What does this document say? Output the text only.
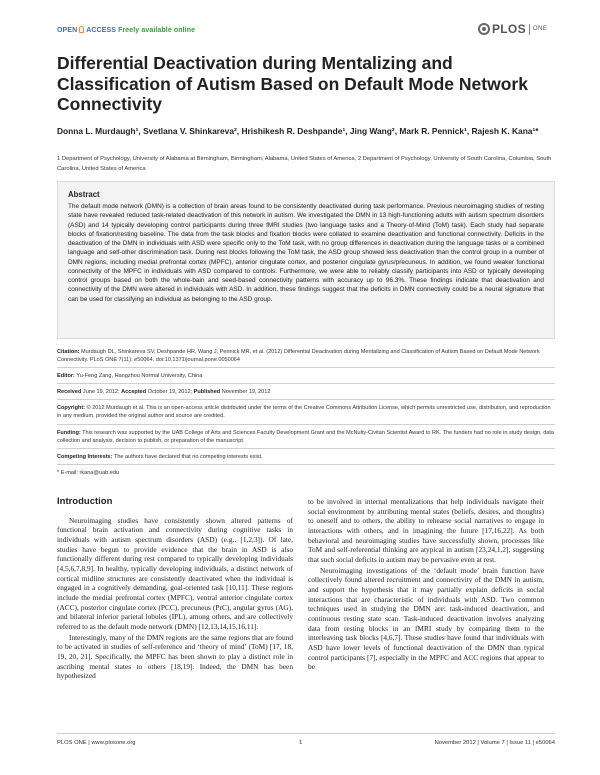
OPEN ACCESS Freely available online	PLOS ONE
Differential Deactivation during Mentalizing and Classification of Autism Based on Default Mode Network Connectivity
Donna L. Murdaugh¹, Svetlana V. Shinkareva², Hrishikesh R. Deshpande¹, Jing Wang², Mark R. Pennick¹, Rajesh K. Kana¹*
1 Department of Psychology, University of Alabama at Birmingham, Birmingham, Alabama, United States of America, 2 Department of Psychology, University of South Carolina, Columbia, South Carolina, United States of America
Abstract

The default mode network (DMN) is a collection of brain areas found to be consistently deactivated during task performance. Previous neuroimaging studies of resting state have revealed reduced task-related deactivation of this network in autism. We investigated the DMN in 13 high-functioning adults with autism spectrum disorders (ASD) and 14 typically developing control participants during three fMRI studies (two language tasks and a Theory-of-Mind (ToM) task). Each study had separate blocks of fixation/resting baseline. The data from the task blocks and fixation blocks were collated to examine deactivation and functional connectivity. Deficits in the deactivation of the DMN in individuals with ASD were specific only to the ToM task, with no group differences in deactivation during the language tasks or a combined language and self-other discrimination task. During rest blocks following the ToM task, the ASD group showed less deactivation than the control group in a number of DMN regions, including medial prefrontal cortex (MPFC), anterior cingulate cortex, and posterior cingulate gyrus/precuneus. In addition, we found weaker functional connectivity of the MPFC in individuals with ASD compared to controls. Furthermore, we were able to reliably classify participants into ASD or typically developing control groups based on both the whole-bain and seed-based connectivity patterns with accuracy up to 96.3%. These findings indicate that deactivation and connectivity of the DMN were altered in individuals with ASD. In addition, these findings suggest that the deficits in DMN connectivity could be a neural signature that can be used for classifying an individual as belonging to the ASD group.

Citation: Murdaugh DL, Shinkareva SV, Deshpande HR, Wang J, Pennick MR, et al. (2012) Differential Deactivation during Mentalizing and Classification of Autism Based on Default Mode Network Connectivity. PLoS ONE 7(11): e50064. doi:10.1371/journal.pone.0050064
Editor: Yu-Feng Zang, Hangzhou Normal University, China
Received June 19, 2012; Accepted October 19, 2012; Published November 19, 2012
Copyright: © 2012 Murdaugh et al. This is an open-access article distributed under the terms of the Creative Commons Attribution License, which permits unrestricted use, distribution, and reproduction in any medium, provided the original author and source are credited.
Funding: This research was supported by the UAB College of Arts and Sciences Faculty Development Grant and the McNulty-Civitan Scientist Award to RK. The funders had no role in study design, data collection and analysis, decision to publish, or preparation of the manuscript.
Competing Interests: The authors have declared that no competing interests exist.
* E-mail: rkana@uab.edu
Introduction

Neuroimaging studies have consistently shown altered patterns of functional brain activation and connectivity during cognitive tasks in individuals with autism spectrum disorders (ASD) (e.g., [1,2,3]). Of late, studies have begun to provide evidence that the brain in ASD is also functionally different during rest compared to typically developing individuals [4,5,6,7,8,9]. In healthy, typically developing individuals, a distinct network of cortical midline structures are consistently deactivated when the individual is engaged in a cognitively demanding, goal-oriented task [10,11]. These regions include the medial prefrontal cortex (MPFC), ventral anterior cingulate cortex (ACC), posterior cingulate cortex (PCC), precuneus (PrC), angular gyrus (AG), and bilateral inferior parietal lobules (IPL), among others, and are collectively referred to as the default mode network (DMN) [12,13,14,15,16,11].

Interestingly, many of the DMN regions are the same regions that are found to be activated in studies of self-reference and ‘theory of mind’ (ToM) [17, 18, 19, 20, 21]. Specifically, the MPFC has been shown to play a distinct role in ascribing mental states to others [18,19]. Indeed, the DMN has been hypothesized

to be involved in internal mentalizations that help individuals navigate their social environment by attributing mental states (beliefs, desires, and thoughts) to oneself and to others, the ability to rehearse social narratives to engage in interactions with others, and in imagining the future [17,16,22]. As both behavioral and neuroimaging studies have successfully shown, processes like ToM and self-referential thinking are atypical in autism [23,24,1,2], suggesting that such social deficits in autism may be pervasive even at rest.

Neuroimaging investigations of the ‘default mode’ brain function have collectively found altered recruitment and connectivity of the DMN in autism, and support the hypothesis that it may partially explain deficits in social interactions that are characteristic of individuals with ASD. Two common techniques used in studying the DMN are: task-induced deactivation, and continuous resting state scan. Task-induced deactivation involves analyzing data from resting blocks in an fMRI study by comparing them to the interleaving task blocks [4,6,7]. These studies have found that individuals with ASD have lower levels of functional deactivation of the DMN than typical control participants [7], especially in the MPFC and ACC regions that appear to be

PLOS ONE | www.plosone.org	1	November 2012 | Volume 7 | Issue 11 | e50064
